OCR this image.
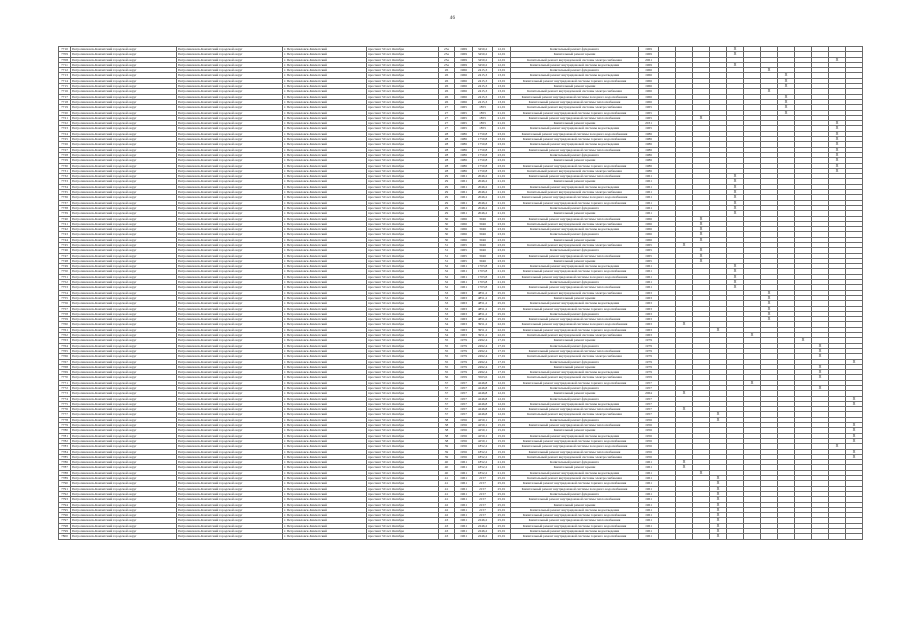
46
7710	Петропавловск-Камчатский городской округ	Петропавловск-Камчатский городской округ	г. Петропавловск-Камчатский	проспект 50 лет Октября	25а	1969	3450,2	12,01	Капитальный ремонт фундамента	1969					X							
7709	Петропавловск-Камчатский городской округ	Петропавловск-Камчатский городской округ	г. Петропавловск-Камчатский	проспект 50 лет Октября	25а	1969	3450,2	12,01	Капитальный ремонт крыши	1969					X							
7708	Петропавловск-Камчатский городской округ	Петропавловск-Камчатский городской округ	г. Петропавловск-Камчатский	проспект 50 лет Октября	25а	1969	3450,2	12,01	Капитальный ремонт внутридомовой системы электроснабжения	2061											X	
7711	Петропавловск-Камчатский городской округ	Петропавловск-Камчатский городской округ	г. Петропавловск-Камчатский	проспект 50 лет Октября	25а	1969	3450,2	12,01	Капитальный ремонт внутридомовой системы водоотведения	1969					X							
7712	Петропавловск-Камчатский городской округ	Петропавловск-Камчатский городской округ	г. Петропавловск-Камчатский	проспект 50 лет Октября	26	1966	2415,3	13,01	Капитальный ремонт фундамента	1966							X					
7713	Петропавловск-Камчатский городской округ	Петропавловск-Камчатский городской округ	г. Петропавловск-Камчатский	проспект 50 лет Октября	26	1966	2415,3	13,01	Капитальный ремонт внутридомовой системы водоотведения	1966								X				
7714	Петропавловск-Камчатский городской округ	Петропавловск-Камчатский городской округ	г. Петропавловск-Камчатский	проспект 50 лет Октября	26	1966	2415,3	13,01	Капитальный ремонт внутридомовой системы горячего водоснабжения	1966								X				
7715	Петропавловск-Камчатский городской округ	Петропавловск-Камчатский городской округ	г. Петропавловск-Камчатский	проспект 50 лет Октября	26	1966	2415,3	13,01	Капитальный ремонт крыши	1966								X				
7716	Петропавловск-Камчатский городской округ	Петропавловск-Камчатский городской округ	г. Петропавловск-Камчатский	проспект 50 лет Октября	26	1966	2415,3	13,01	Капитальный ремонт внутридомовой системы электроснабжения	1966							X					
7717	Петропавловск-Камчатский городской округ	Петропавловск-Камчатский городской округ	г. Петропавловск-Камчатский	проспект 50 лет Октября	26	1966	2415,3	13,01	Капитальный ремонт внутридомовой системы холодного водоснабжения	1966								X				
7718	Петропавловск-Камчатский городской округ	Петропавловск-Камчатский городской округ	г. Петропавловск-Камчатский	проспект 50 лет Октября	26	1966	2415,3	13,01	Капитальный ремонт внутридомовой системы теплоснабжения	1966								X				
7719	Петропавловск-Камчатский городской округ	Петропавловск-Камчатский городской округ	г. Петропавловск-Камчатский	проспект 50 лет Октября	27	1965	1855	21,01	Капитальный ремонт внутридомовой системы электроснабжения	1965								X				
7720	Петропавловск-Камчатский городской округ	Петропавловск-Камчатский городской округ	г. Петропавловск-Камчатский	проспект 50 лет Октября	27	1965	1855	21,01	Капитальный ремонт внутридомовой системы горячего водоснабжения	1965								X				
7721	Петропавловск-Камчатский городской округ	Петропавловск-Камчатский городской округ	г. Петропавловск-Камчатский	проспект 50 лет Октября	27	1965	1855	21,01	Капитальный ремонт внутридомовой системы теплоснабжения	1965			X									
7722	Петропавловск-Камчатский городской округ	Петропавловск-Камчатский городской округ	г. Петропавловск-Камчатский	проспект 50 лет Октября	27	1965	1855	21,01	Капитальный ремонт крыши	2031											X	
7723	Петропавловск-Камчатский городской округ	Петропавловск-Камчатский городской округ	г. Петропавловск-Камчатский	проспект 50 лет Октября	27	1965	1855	21,01	Капитальный ремонт внутридомовой системы водоотведения	1965											X	
7724	Петропавловск-Камчатский городской округ	Петропавловск-Камчатский городской округ	г. Петропавловск-Камчатский	проспект 50 лет Октября	28	1986	1750,8	23,01	Капитальный ремонт внутридомовой системы холодного водоснабжения	1986											X	
7725	Петропавловск-Камчатский городской округ	Петропавловск-Камчатский городской округ	г. Петропавловск-Камчатский	проспект 50 лет Октября	28	1986	1750,8	23,01	Капитальный ремонт внутридомовой системы горячего водоснабжения	1986											X	
7726	Петропавловск-Камчатский городской округ	Петропавловск-Камчатский городской округ	г. Петропавловск-Камчатский	проспект 50 лет Октября	28	1986	1750,8	23,01	Капитальный ремонт внутридомовой системы водоотведения	1986											X	
7727	Петропавловск-Камчатский городской округ	Петропавловск-Камчатский городской округ	г. Петропавловск-Камчатский	проспект 50 лет Октября	28	1986	1750,8	23,01	Капитальный ремонт внутридомовой системы теплоснабжения	1986											X	
7728	Петропавловск-Камчатский городской округ	Петропавловск-Камчатский городской округ	г. Петропавловск-Камчатский	проспект 50 лет Октября	28	1986	1750,8	23,01	Капитальный ремонт фундамента	1986											X	
7729	Петропавловск-Камчатский городской округ	Петропавловск-Камчатский городской округ	г. Петропавловск-Камчатский	проспект 50 лет Октября	28	1986	1750,8	23,01	Капитальный ремонт крыши	1986											X	
7730	Петропавловск-Камчатский городской округ	Петропавловск-Камчатский городской округ	г. Петропавловск-Камчатский	проспект 50 лет Октября	28	1986	1750,8	23,01	Капитальный ремонт внутридомовой системы горячего водоснабжения	1986											X	
7731	Петропавловск-Камчатский городской округ	Петропавловск-Камчатский городской округ	г. Петропавловск-Камчатский	проспект 50 лет Октября	28	1986	1750,8	23,01	Капитальный ремонт внутридомовой системы электроснабжения	1986											X	
7732	Петропавловск-Камчатский городской округ	Петропавловск-Камчатский городской округ	г. Петропавловск-Камчатский	проспект 50 лет Октября	29	1961	2046,2	21,01	Капитальный ремонт внутридомовой системы теплоснабжения	1961					X							
7733	Петропавловск-Камчатский городской округ	Петропавловск-Камчатский городской округ	г. Петропавловск-Камчатский	проспект 50 лет Октября	29	1961	2046,2	21,01	Капитальный ремонт крыши	1961					X							
7734	Петропавловск-Камчатский городской округ	Петропавловск-Камчатский городской округ	г. Петропавловск-Камчатский	проспект 50 лет Октября	29	1961	2046,2	21,01	Капитальный ремонт внутридомовой системы водоотведения	1961					X							
7735	Петропавловск-Камчатский городской округ	Петропавловск-Камчатский городской округ	г. Петропавловск-Камчатский	проспект 50 лет Октября	29	1961	2046,2	21,01	Капитальный ремонт внутридомовой системы электроснабжения	1961					X							
7736	Петропавловск-Камчатский городской округ	Петропавловск-Камчатский городской округ	г. Петропавловск-Камчатский	проспект 50 лет Октября	29	1961	2046,2	21,01	Капитальный ремонт внутридомовой системы холодного водоснабжения	1961					X							
7737	Петропавловск-Камчатский городской округ	Петропавловск-Камчатский городской округ	г. Петропавловск-Камчатский	проспект 50 лет Октября	29	1961	2046,2	21,01	Капитальный ремонт внутридомовой системы горячего водоснабжения	1961					X							
7738	Петропавловск-Камчатский городской округ	Петропавловск-Камчатский городской округ	г. Петропавловск-Камчатский	проспект 50 лет Октября	29	1961	2046,2	21,01	Капитальный ремонт фундамента	1961					X							
7739	Петропавловск-Камчатский городской округ	Петропавловск-Камчатский городской округ	г. Петропавловск-Камчатский	проспект 50 лет Октября	29	1961	2046,2	21,01	Капитальный ремонт крыши	1961					X							
7740	Петропавловск-Камчатский городской округ	Петропавловск-Камчатский городской округ	г. Петропавловск-Камчатский	проспект 50 лет Октября	30	1966	3046	23,01	Капитальный ремонт внутридомовой системы теплоснабжения	1966			X									
7741	Петропавловск-Камчатский городской округ	Петропавловск-Камчатский городской округ	г. Петропавловск-Камчатский	проспект 50 лет Октября	30	1966	3046	23,01	Капитальный ремонт внутридомовой системы электроснабжения	1966			X									
7742	Петропавловск-Камчатский городской округ	Петропавловск-Камчатский городской округ	г. Петропавловск-Камчатский	проспект 50 лет Октября	30	1966	3046	23,01	Капитальный ремонт внутридомовой системы водоотведения	1966			X									
7743	Петропавловск-Камчатский городской округ	Петропавловск-Камчатский городской округ	г. Петропавловск-Камчатский	проспект 50 лет Октября	30	1966	3046	23,01	Капитальный ремонт фундамента	1966			X									
7744	Петропавловск-Камчатский городской округ	Петропавловск-Камчатский городской округ	г. Петропавловск-Камчатский	проспект 50 лет Октября	30	1966	3046	23,01	Капитальный ремонт крыши	1966			X									
7745	Петропавловск-Камчатский городской округ	Петропавловск-Камчатский городской округ	г. Петропавловск-Камчатский	проспект 50 лет Октября	31	1965	3046	23,01	Капитальный ремонт внутридомовой системы электроснабжения	1965		X										
7746	Петропавловск-Камчатский городской округ	Петропавловск-Камчатский городской округ	г. Петропавловск-Камчатский	проспект 50 лет Октября	31	1965	3046	23,01	Капитальный ремонт фундамента	1965			X									
7747	Петропавловск-Камчатский городской округ	Петропавловск-Камчатский городской округ	г. Петропавловск-Камчатский	проспект 50 лет Октября	31	1965	3046	23,01	Капитальный ремонт внутридомовой системы теплоснабжения	1965			X									
7748	Петропавловск-Камчатский городской округ	Петропавловск-Камчатский городской округ	г. Петропавловск-Камчатский	проспект 50 лет Октября	31	1965	3046	23,01	Капитальный ремонт крыши	1965			X									
7749	Петропавловск-Камчатский городской округ	Петропавловск-Камчатский городской округ	г. Петропавловск-Камчатский	проспект 50 лет Октября	32	1961	1703,8	21,01	Капитальный ремонт внутридомовой системы водоотведения	1961					X							
7750	Петропавловск-Камчатский городской округ	Петропавловск-Камчатский городской округ	г. Петропавловск-Камчатский	проспект 50 лет Октября	32	1961	1703,8	21,01	Капитальный ремонт внутридомовой системы горячего водоснабжения	1961					X							
7751	Петропавловск-Камчатский городской округ	Петропавловск-Камчатский городской округ	г. Петропавловск-Камчатский	проспект 50 лет Октября	32	1961	1703,8	21,01	Капитальный ремонт внутридомовой системы холодного водоснабжения	1961					X							
7752	Петропавловск-Камчатский городской округ	Петропавловск-Камчатский городской округ	г. Петропавловск-Камчатский	проспект 50 лет Октября	32	1961	1703,8	21,01	Капитальный ремонт фундамента	1961					X							
7753	Петропавловск-Камчатский городской округ	Петропавловск-Камчатский городской округ	г. Петропавловск-Камчатский	проспект 50 лет Октября	32	1961	1703,8	21,01	Капитальный ремонт внутридомовой системы теплоснабжения	1961					X							
7754	Петропавловск-Камчатский городской округ	Петропавловск-Камчатский городской округ	г. Петропавловск-Камчатский	проспект 50 лет Октября	33	1963	4851,2	25,01	Капитальный ремонт внутридомовой системы электроснабжения	1963							X					
7755	Петропавловск-Камчатский городской округ	Петропавловск-Камчатский городской округ	г. Петропавловск-Камчатский	проспект 50 лет Октября	33	1963	4851,2	25,01	Капитальный ремонт крыши	1963							X					
7756	Петропавловск-Камчатский городской округ	Петропавловск-Камчатский городской округ	г. Петропавловск-Камчатский	проспект 50 лет Октября	33	1963	4851,2	25,01	Капитальный ремонт внутридомовой системы водоотведения	1963							X					
7757	Петропавловск-Камчатский городской округ	Петропавловск-Камчатский городской округ	г. Петропавловск-Камчатский	проспект 50 лет Октября	33	1963	4851,2	25,01	Капитальный ремонт внутридомовой системы горячего водоснабжения	1963							X					
7758	Петропавловск-Камчатский городской округ	Петропавловск-Камчатский городской округ	г. Петропавловск-Камчатский	проспект 50 лет Октября	33	1963	4851,2	25,01	Капитальный ремонт фундамента	1963							X					
7759	Петропавловск-Камчатский городской округ	Петропавловск-Камчатский городской округ	г. Петропавловск-Камчатский	проспект 50 лет Октября	33	1963	4851,2	25,01	Капитальный ремонт внутридомовой системы теплоснабжения	1963							X					
7760	Петропавловск-Камчатский городской округ	Петропавловск-Камчатский городской округ	г. Петропавловск-Камчатский	проспект 50 лет Октября	34	1963	3951,2	22,01	Капитальный ремонт внутридомовой системы холодного водоснабжения	1963		X										
7761	Петропавловск-Камчатский городской округ	Петропавловск-Камчатский городской округ	г. Петропавловск-Камчатский	проспект 50 лет Октября	34	1963	3951,2	22,01	Капитальный ремонт внутридомовой системы горячего водоснабжения	1963				X								
7762	Петропавловск-Камчатский городской округ	Петропавловск-Камчатский городской округ	г. Петропавловск-Камчатский	проспект 50 лет Октября	34	1963	3951,2	22,01	Капитальный ремонт внутридомовой системы электроснабжения	1963						X						
7763	Петропавловск-Камчатский городской округ	Петропавловск-Камчатский городской округ	г. Петропавловск-Камчатский	проспект 50 лет Октября	35	1979	2492,4	17,01	Капитальный ремонт крыши	1979									X			
7764	Петропавловск-Камчатский городской округ	Петропавловск-Камчатский городской округ	г. Петропавловск-Камчатский	проспект 50 лет Октября	35	1979	2492,4	17,01	Капитальный ремонт фундамента	1979										X		
7765	Петропавловск-Камчатский городской округ	Петропавловск-Камчатский городской округ	г. Петропавловск-Камчатский	проспект 50 лет Октября	35	1979	2492,4	17,01	Капитальный ремонт внутридомовой системы теплоснабжения	1979										X		
7766	Петропавловск-Камчатский городской округ	Петропавловск-Камчатский городской округ	г. Петропавловск-Камчатский	проспект 50 лет Октября	35	1979	2492,4	17,01	Капитальный ремонт внутридомовой системы электроснабжения	1979										X		
7767	Петропавловск-Камчатский городской округ	Петропавловск-Камчатский городской округ	г. Петропавловск-Камчатский	проспект 50 лет Октября	35	1979	2492,4	17,01	Капитальный ремонт фундамента	1979												X
7768	Петропавловск-Камчатский городской округ	Петропавловск-Камчатский городской округ	г. Петропавловск-Камчатский	проспект 50 лет Октября	35	1979	2492,4	17,01	Капитальный ремонт крыши	1979										X		
7769	Петропавловск-Камчатский городской округ	Петропавловск-Камчатский городской округ	г. Петропавловск-Камчатский	проспект 50 лет Октября	35	1979	2492,4	17,01	Капитальный ремонт внутридомовой системы водоотведения	1979										X		
7770	Петропавловск-Камчатский городской округ	Петропавловск-Камчатский городской округ	г. Петропавловск-Камчатский	проспект 50 лет Октября	36	1959	3563,6	12,01	Капитальный ремонт внутридомовой системы электроснабжения	1959										X		
7771	Петропавловск-Камчатский городской округ	Петропавловск-Камчатский городской округ	г. Петропавловск-Камчатский	проспект 50 лет Октября	37	1957	4246,8	12,01	Капитальный ремонт внутридомовой системы горячего водоснабжения	1957						X						
7772	Петропавловск-Камчатский городской округ	Петропавловск-Камчатский городской округ	г. Петропавловск-Камчатский	проспект 50 лет Октября	37	1957	4246,8	12,01	Капитальный ремонт фундамента	1957										X		
7773	Петропавловск-Камчатский городской округ	Петропавловск-Камчатский городской округ	г. Петропавловск-Камчатский	проспект 50 лет Октября	37	1957	4246,8	12,01	Капитальный ремонт крыши	2064		X										
7774	Петропавловск-Камчатский городской округ	Петропавловск-Камчатский городской округ	г. Петропавловск-Камчатский	проспект 50 лет Октября	37	1957	4246,8	12,01	Капитальный ремонт фундамента	1957												X
7775	Петропавловск-Камчатский городской округ	Петропавловск-Камчатский городской округ	г. Петропавловск-Камчатский	проспект 50 лет Октября	37	1957	4246,8	12,01	Капитальный ремонт внутридомовой системы водоотведения	1957												X
7776	Петропавловск-Камчатский городской округ	Петропавловск-Камчатский городской округ	г. Петропавловск-Камчатский	проспект 50 лет Октября	37	1957	4246,8	12,01	Капитальный ремонт внутридомовой системы теплоснабжения	1957		X										
7777	Петропавловск-Камчатский городской округ	Петропавловск-Камчатский городской округ	г. Петропавловск-Камчатский	проспект 50 лет Октября	37	1957	4246,8	12,01	Капитальный ремонт внутридомовой системы электроснабжения	1957				X								
7778	Петропавловск-Камчатский городской округ	Петропавловск-Камчатский городской округ	г. Петропавловск-Камчатский	проспект 50 лет Октября	38	1956	4250,1	15,01	Капитальный ремонт фундамента	1956				X								
7779	Петропавловск-Камчатский городской округ	Петропавловск-Камчатский городской округ	г. Петропавловск-Камчатский	проспект 50 лет Октября	38	1956	4250,1	15,01	Капитальный ремонт внутридомовой системы теплоснабжения	1956												X
7780	Петропавловск-Камчатский городской округ	Петропавловск-Камчатский городской округ	г. Петропавловск-Камчатский	проспект 50 лет Октября	38	1956	4250,1	15,01	Капитальный ремонт крыши	1956												X
7781	Петропавловск-Камчатский городской округ	Петропавловск-Камчатский городской округ	г. Петропавловск-Камчатский	проспект 50 лет Октября	38	1956	4250,1	15,01	Капитальный ремонт внутридомовой системы водоотведения	1956												X
7782	Петропавловск-Камчатский городской округ	Петропавловск-Камчатский городской округ	г. Петропавловск-Камчатский	проспект 50 лет Октября	38	1956	4250,1	15,01	Капитальный ремонт внутридомовой системы горячего водоснабжения	1956												X
7783	Петропавловск-Камчатский городской округ	Петропавловск-Камчатский городской округ	г. Петропавловск-Камчатский	проспект 50 лет Октября	39	1956	1852,2	15,01	Капитальный ремонт внутридомовой системы холодного водоснабжения	1956											X	
7784	Петропавловск-Камчатский городской округ	Петропавловск-Камчатский городской округ	г. Петропавловск-Камчатский	проспект 50 лет Октября	39	1956	1852,2	15,01	Капитальный ремонт внутридомовой системы теплоснабжения	1956												X
7785	Петропавловск-Камчатский городской округ	Петропавловск-Камчатский городской округ	г. Петропавловск-Камчатский	проспект 50 лет Октября	39	1956	1852,2	15,01	Капитальный ремонт внутридомовой системы электроснабжения	1956												X
7786	Петропавловск-Камчатский городской округ	Петропавловск-Камчатский городской округ	г. Петропавловск-Камчатский	проспект 50 лет Октября	40	1961	1852,2	21,01	Капитальный ремонт фундамента	1961		X										
7787	Петропавловск-Камчатский городской округ	Петропавловск-Камчатский городской округ	г. Петропавловск-Камчатский	проспект 50 лет Октября	40	1961	1852,2	21,01	Капитальный ремонт крыши	1961		X										
7788	Петропавловск-Камчатский городской округ	Петропавловск-Камчатский городской округ	г. Петропавловск-Камчатский	проспект 50 лет Октября	40	1961	1852,2	21,01	Капитальный ремонт внутридомовой системы водоотведения	1961			X									
7789	Петропавловск-Камчатский городской округ	Петропавловск-Камчатский городской округ	г. Петропавловск-Камчатский	проспект 50 лет Октября	41	1961	2157	25,01	Капитальный ремонт внутридомовой системы электроснабжения	1961				X								
7790	Петропавловск-Камчатский городской округ	Петропавловск-Камчатский городской округ	г. Петропавловск-Камчатский	проспект 50 лет Октября	41	1961	2157	25,01	Капитальный ремонт внутридомовой системы горячего водоснабжения	1961				X								
7791	Петропавловск-Камчатский городской округ	Петропавловск-Камчатский городской округ	г. Петропавловск-Камчатский	проспект 50 лет Октября	41	1961	2157	25,01	Капитальный ремонт внутридомовой системы холодного водоснабжения	1961				X								
7792	Петропавловск-Камчатский городской округ	Петропавловск-Камчатский городской округ	г. Петропавловск-Камчатский	проспект 50 лет Октября	41	1961	2157	25,01	Капитальный ремонт фундамента	1961				X								
7793	Петропавловск-Камчатский городской округ	Петропавловск-Камчатский городской округ	г. Петропавловск-Камчатский	проспект 50 лет Октября	41	1961	2157	25,01	Капитальный ремонт внутридомовой системы теплоснабжения	1961				X								
7794	Петропавловск-Камчатский городской округ	Петропавловск-Камчатский городской округ	г. Петропавловск-Камчатский	проспект 50 лет Октября	42	1961	2157	25,01	Капитальный ремонт крыши	1961				X								
7795	Петропавловск-Камчатский городской округ	Петропавловск-Камчатский городской округ	г. Петропавловск-Камчатский	проспект 50 лет Октября	42	1961	2157	25,01	Капитальный ремонт внутридомовой системы водоотведения	1961				X								
7796	Петропавловск-Камчатский городской округ	Петропавловск-Камчатский городской округ	г. Петропавловск-Камчатский	проспект 50 лет Октября	42	1961	2157	25,01	Капитальный ремонт внутридомовой системы горячего водоснабжения	1961				X								
7797	Петропавловск-Камчатский городской округ	Петропавловск-Камчатский городской округ	г. Петропавловск-Камчатский	проспект 50 лет Октября	43	1961	2246,2	25,01	Капитальный ремонт внутридомовой системы теплоснабжения	1961				X								
7798	Петропавловск-Камчатский городской округ	Петропавловск-Камчатский городской округ	г. Петропавловск-Камчатский	проспект 50 лет Октября	43	1961	2246,2	25,01	Капитальный ремонт внутридомовой системы горячего водоснабжения	1961				X								
7799	Петропавловск-Камчатский городской округ	Петропавловск-Камчатский городской округ	г. Петропавловск-Камчатский	проспект 50 лет Октября	43	1961	2246,2	25,01	Капитальный ремонт внутридомовой системы водоотведения	1961				X								
7800	Петропавловск-Камчатский городской округ	Петропавловск-Камчатский городской округ	г. Петропавловск-Камчатский	проспект 50 лет Октября	43	1961	2246,2	25,01	Капитальный ремонт внутридомовой системы горячего водоснабжения	1961				X								
